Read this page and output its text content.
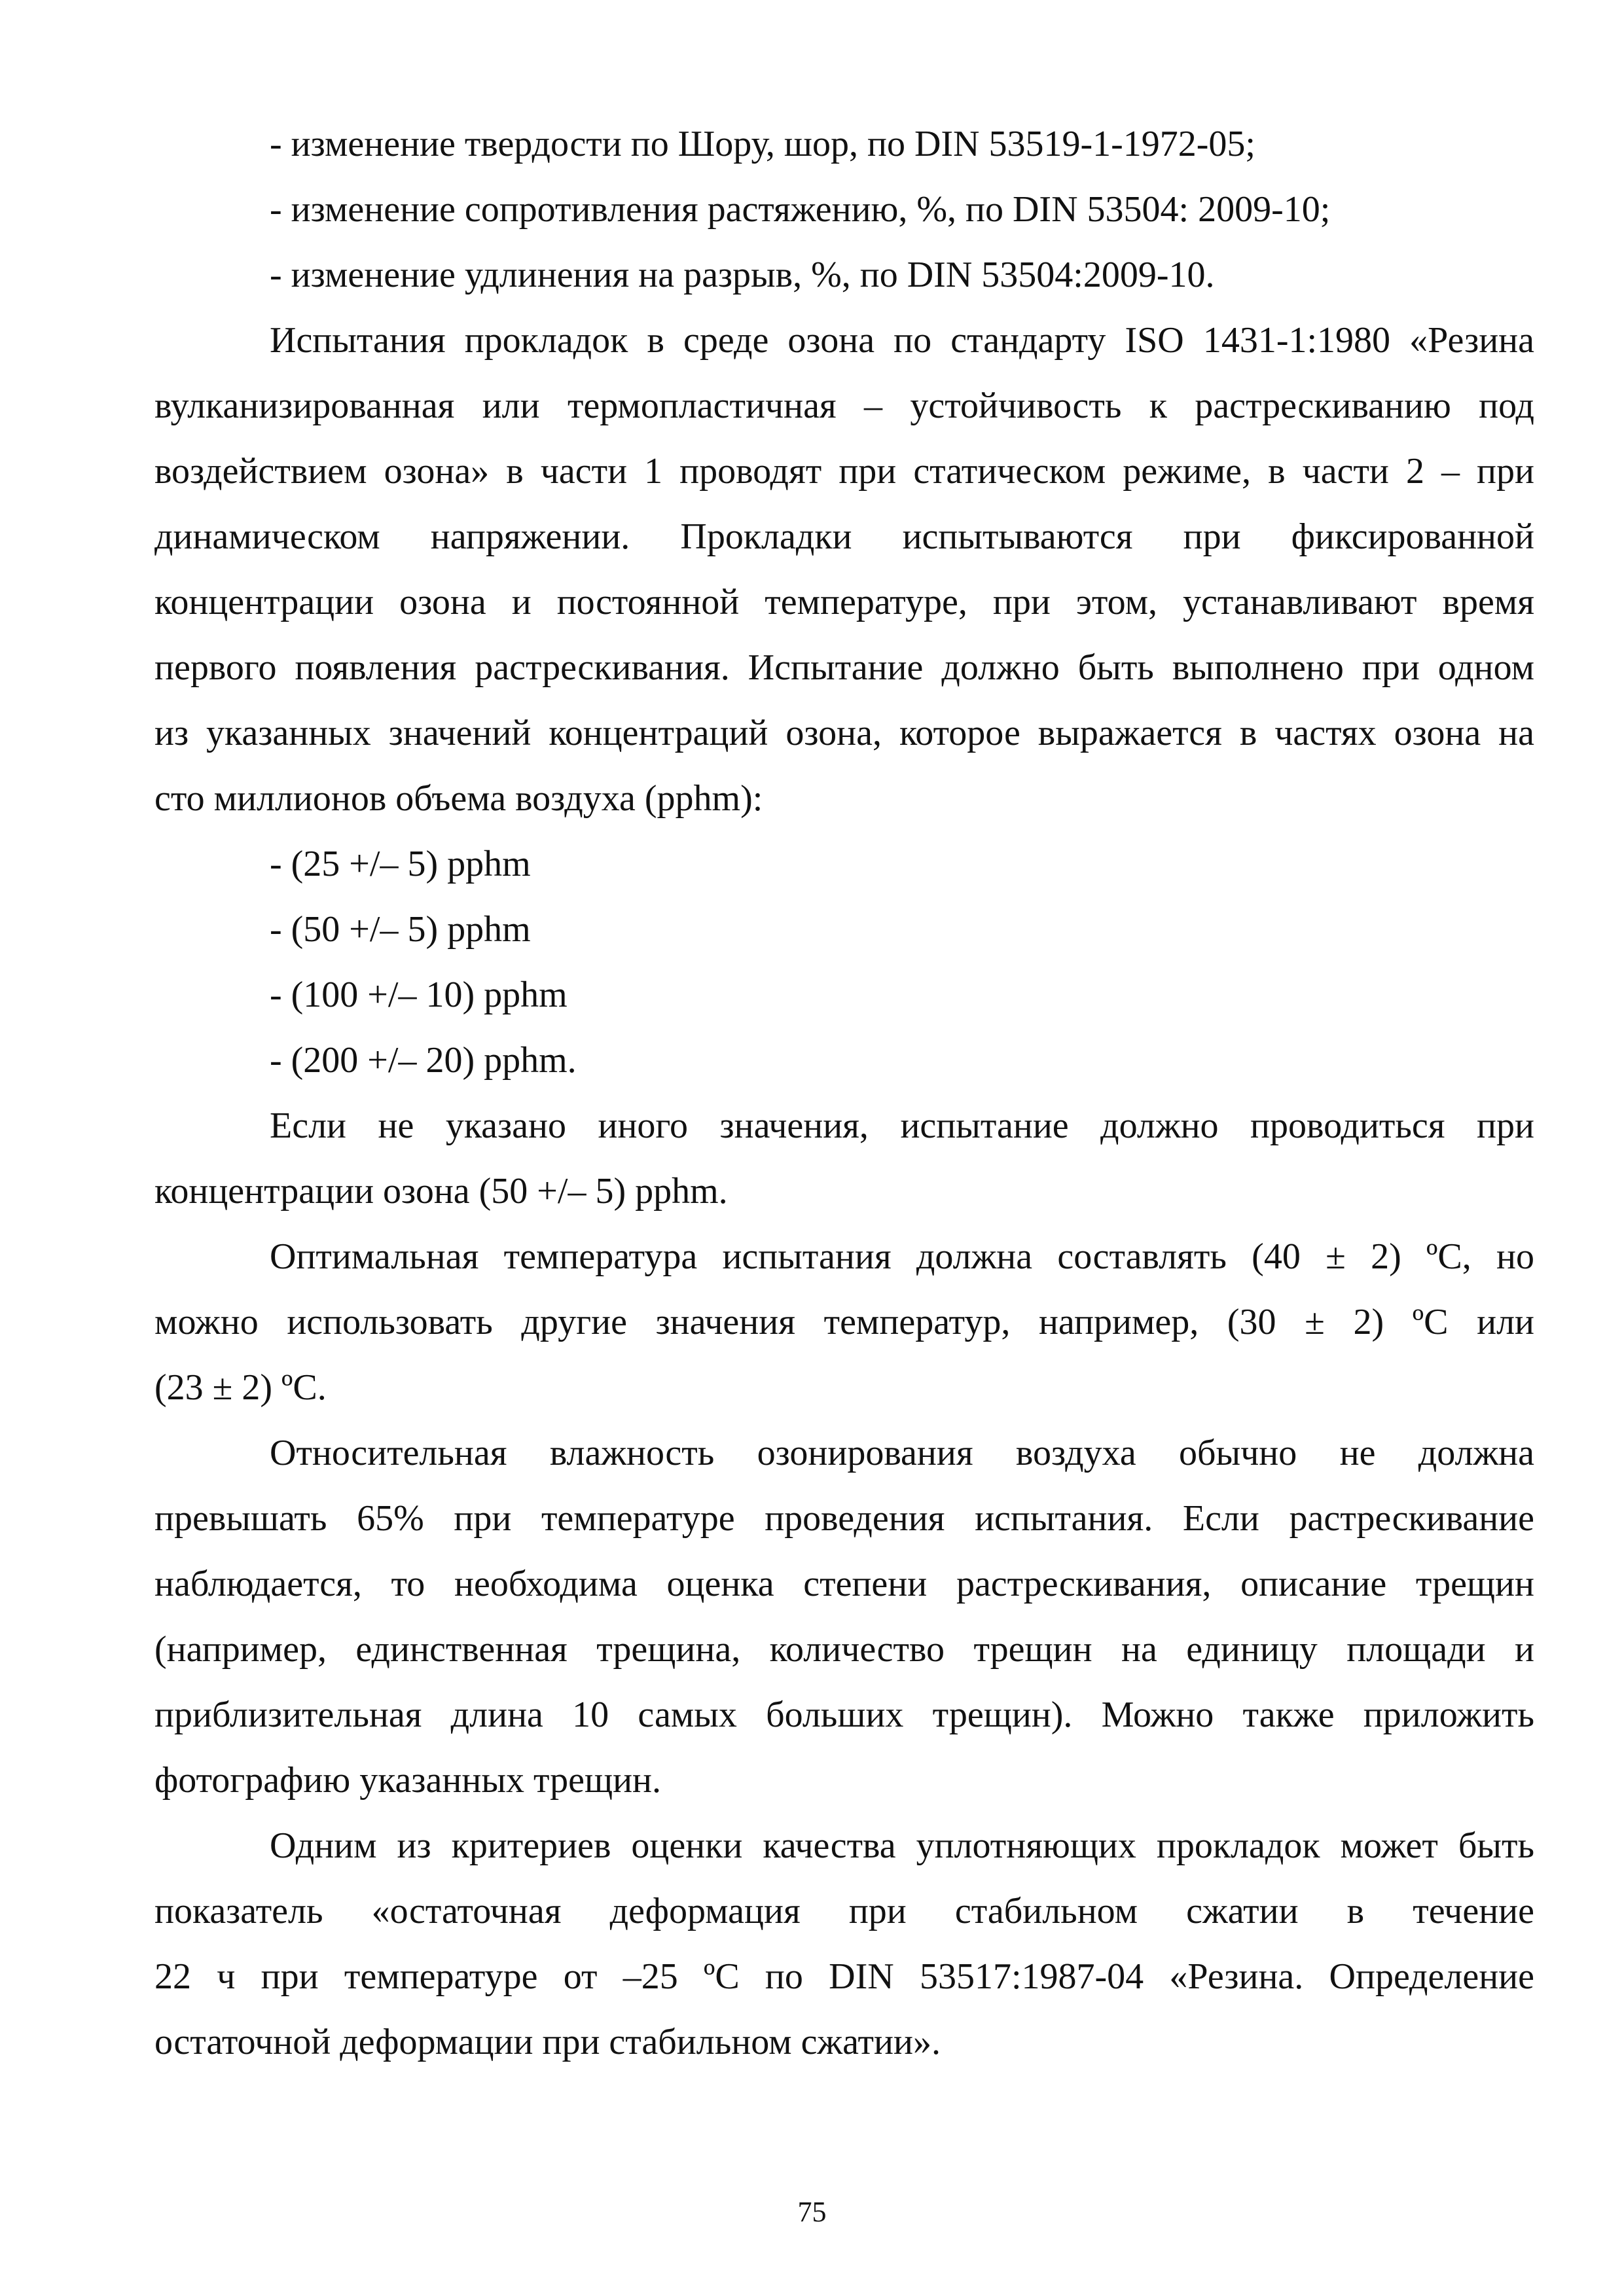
- изменение твердости по Шору, шор, по DIN 53519-1-1972-05;
- изменение сопротивления растяжению, %, по DIN 53504: 2009-10;
- изменение удлинения на разрыв, %, по DIN 53504:2009-10.
Испытания прокладок в среде озона по стандарту ISO 1431-1:1980 «Резина
вулканизированная или термопластичная – устойчивость к растрескиванию под
воздействием озона» в части 1 проводят при статическом режиме, в части 2 – при
динамическом напряжении. Прокладки испытываются при фиксированной
концентрации озона и постоянной температуре, при этом, устанавливают время
первого появления растрескивания. Испытание должно быть выполнено при одном
из указанных значений концентраций озона, которое выражается в частях озона на
сто миллионов объема воздуха (pphm):
- (25 +/– 5) pphm
- (50 +/– 5) pphm
- (100 +/– 10) pphm
- (200 +/– 20) pphm.
Если не указано иного значения, испытание должно проводиться при
концентрации озона (50 +/– 5) pphm.
Оптимальная температура испытания должна составлять (40 ± 2) ºC, но
можно использовать другие значения температур, например, (30 ± 2) ºC или
(23 ± 2) ºC.
Относительная влажность озонирования воздуха обычно не должна
превышать 65% при температуре проведения испытания. Если растрескивание
наблюдается, то необходима оценка степени растрескивания, описание трещин
(например, единственная трещина, количество трещин на единицу площади и
приблизительная длина 10 самых больших трещин). Можно также приложить
фотографию указанных трещин.
Одним из критериев оценки качества уплотняющих прокладок может быть
показатель «остаточная деформация при стабильном сжатии в течение
22 ч при температуре от –25 ºC по DIN 53517:1987-04 «Резина. Определение
остаточной деформации при стабильном сжатии».
75
